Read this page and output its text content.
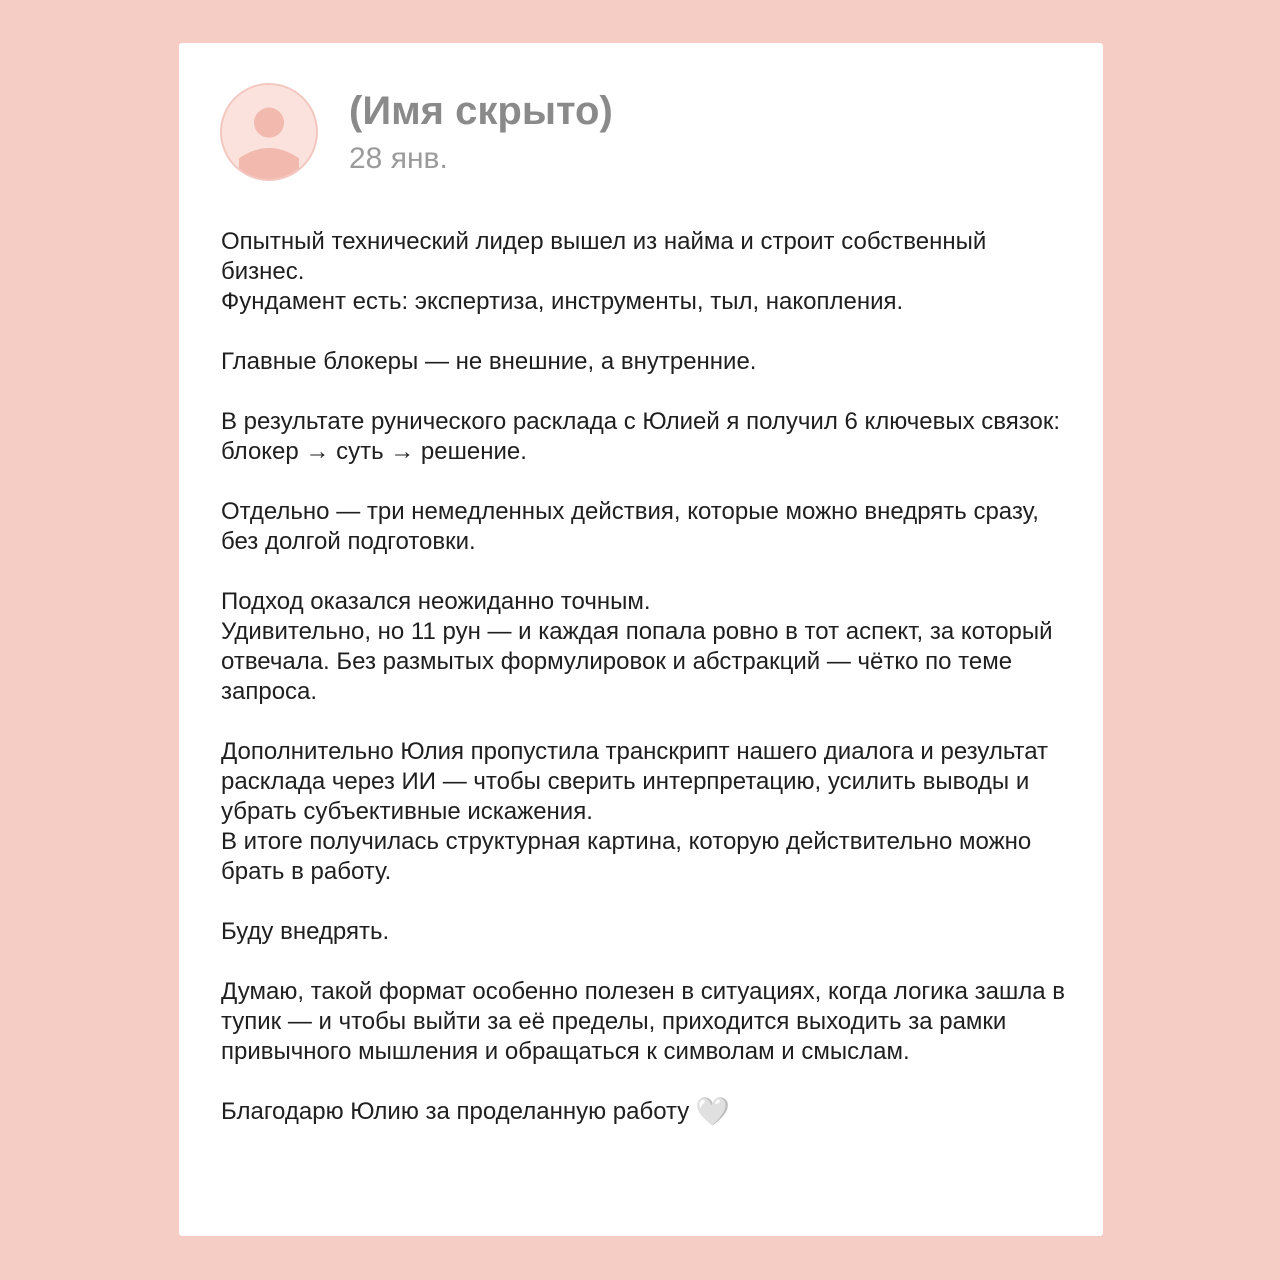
(Имя скрыто)
28 янв.

Опытный технический лидер вышел из найма и строит собственный бизнес.
Фундамент есть: экспертиза, инструменты, тыл, накопления.

Главные блокеры — не внешние, а внутренние.

В результате рунического расклада с Юлией я получил 6 ключевых связок:
блокер → суть → решение.

Отдельно — три немедленных действия, которые можно внедрять сразу, без долгой подготовки.

Подход оказался неожиданно точным.
Удивительно, но 11 рун — и каждая попала ровно в тот аспект, за который отвечала. Без размытых формулировок и абстракций — чётко по теме запроса.

Дополнительно Юлия пропустила транскрипт нашего диалога и результат расклада через ИИ — чтобы сверить интерпретацию, усилить выводы и убрать субъективные искажения.
В итоге получилась структурная картина, которую действительно можно брать в работу.

Буду внедрять.

Думаю, такой формат особенно полезен в ситуациях, когда логика зашла в тупик — и чтобы выйти за её пределы, приходится выходить за рамки привычного мышления и обращаться к символам и смыслам.

Благодарю Юлию за проделанную работу 🤍
